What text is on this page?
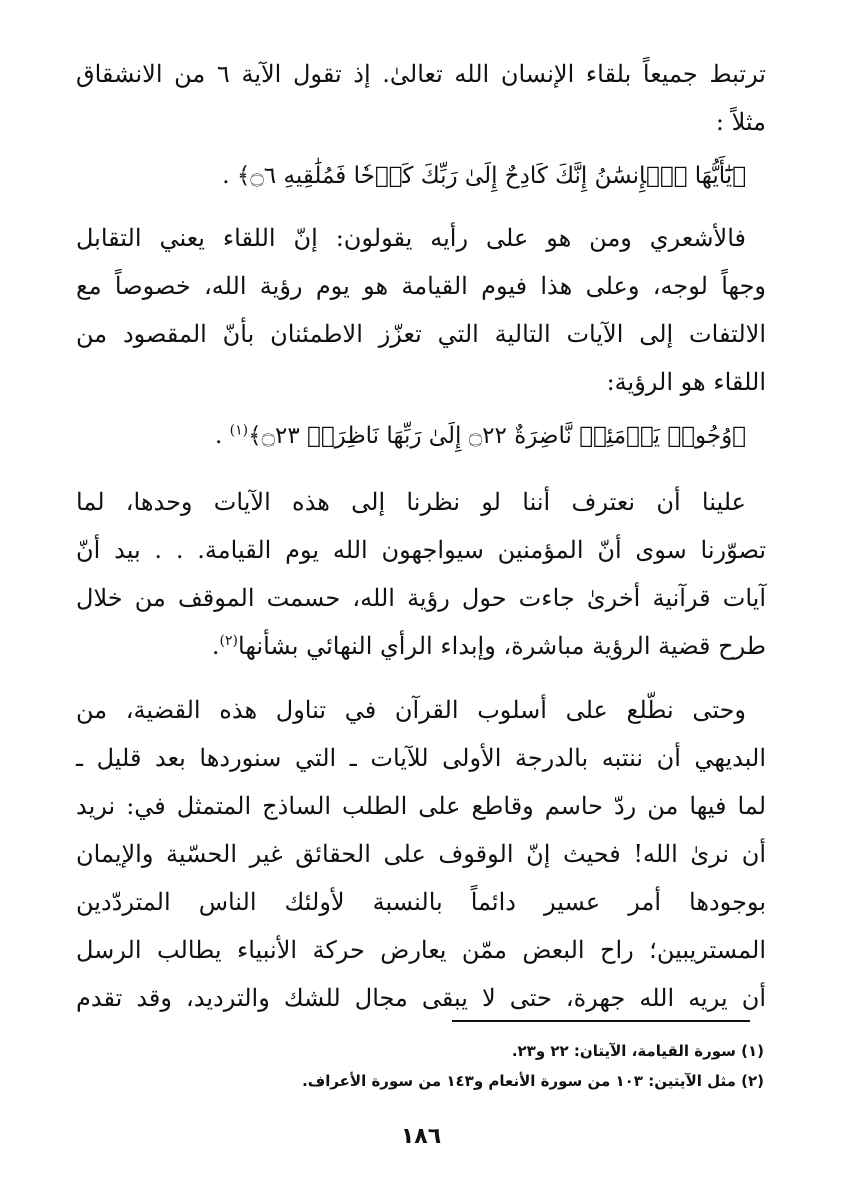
ترتبط جميعاً بلقاء الإنسان الله تعالىٰ. إذ تقول الآية ٦ من الانشقاق
مثلاً :
﴿يَٰٓأَيُّهَا ٱلۡإِنسَٰنُ إِنَّكَ كَادِحٌ إِلَىٰ رَبِّكَ كَدۡحٗا فَمُلَٰقِيهِ ۝٦﴾ .
فالأشعري ومن هو على رأيه يقولون: إنّ اللقاء يعني التقابل
وجهاً لوجه، وعلى هذا فيوم القيامة هو يوم رؤية الله، خصوصاً مع
الالتفات إلى الآيات التالية التي تعزّز الاطمئنان بأنّ المقصود من
اللقاء هو الرؤية:
﴿وُجُوهٞ يَوۡمَئِذٖ نَّاضِرَةٌ ۝٢٢ إِلَىٰ رَبِّهَا نَاظِرَةٞ ۝٢٣﴾$^{(١)}$ .
علينا أن نعترف أننا لو نظرنا إلى هذه الآيات وحدها، لما
تصوّرنا سوى أنّ المؤمنين سيواجهون الله يوم القيامة. . . بيد أنّ
آيات قرآنية أخرىٰ جاءت حول رؤية الله، حسمت الموقف من خلال
طرح قضية الرؤية مباشرة، وإبداء الرأي النهائي بشأنها$^{(٢)}$.
وحتى نطّلع على أسلوب القرآن في تناول هذه القضية، من
البديهي أن ننتبه بالدرجة الأولى للآيات ـ التي سنوردها بعد قليل ـ
لما فيها من ردّ حاسم وقاطع على الطلب الساذج المتمثل في: نريد
أن نرىٰ الله! فحيث إنّ الوقوف على الحقائق غير الحسّية والإيمان
بوجودها أمر عسير دائماً بالنسبة لأولئك الناس المتردّدين
المستريبين؛ راح البعض ممّن يعارض حركة الأنبياء يطالب الرسل
أن يريه الله جهرة، حتى لا يبقى مجال للشك والترديد، وقد تقدم
(١) سورة القيامة، الآيتان: ٢٢ و٢٣.
(٢) مثل الآيتين: ١٠٣ من سورة الأنعام و١٤٣ من سورة الأعراف.
١٨٦
